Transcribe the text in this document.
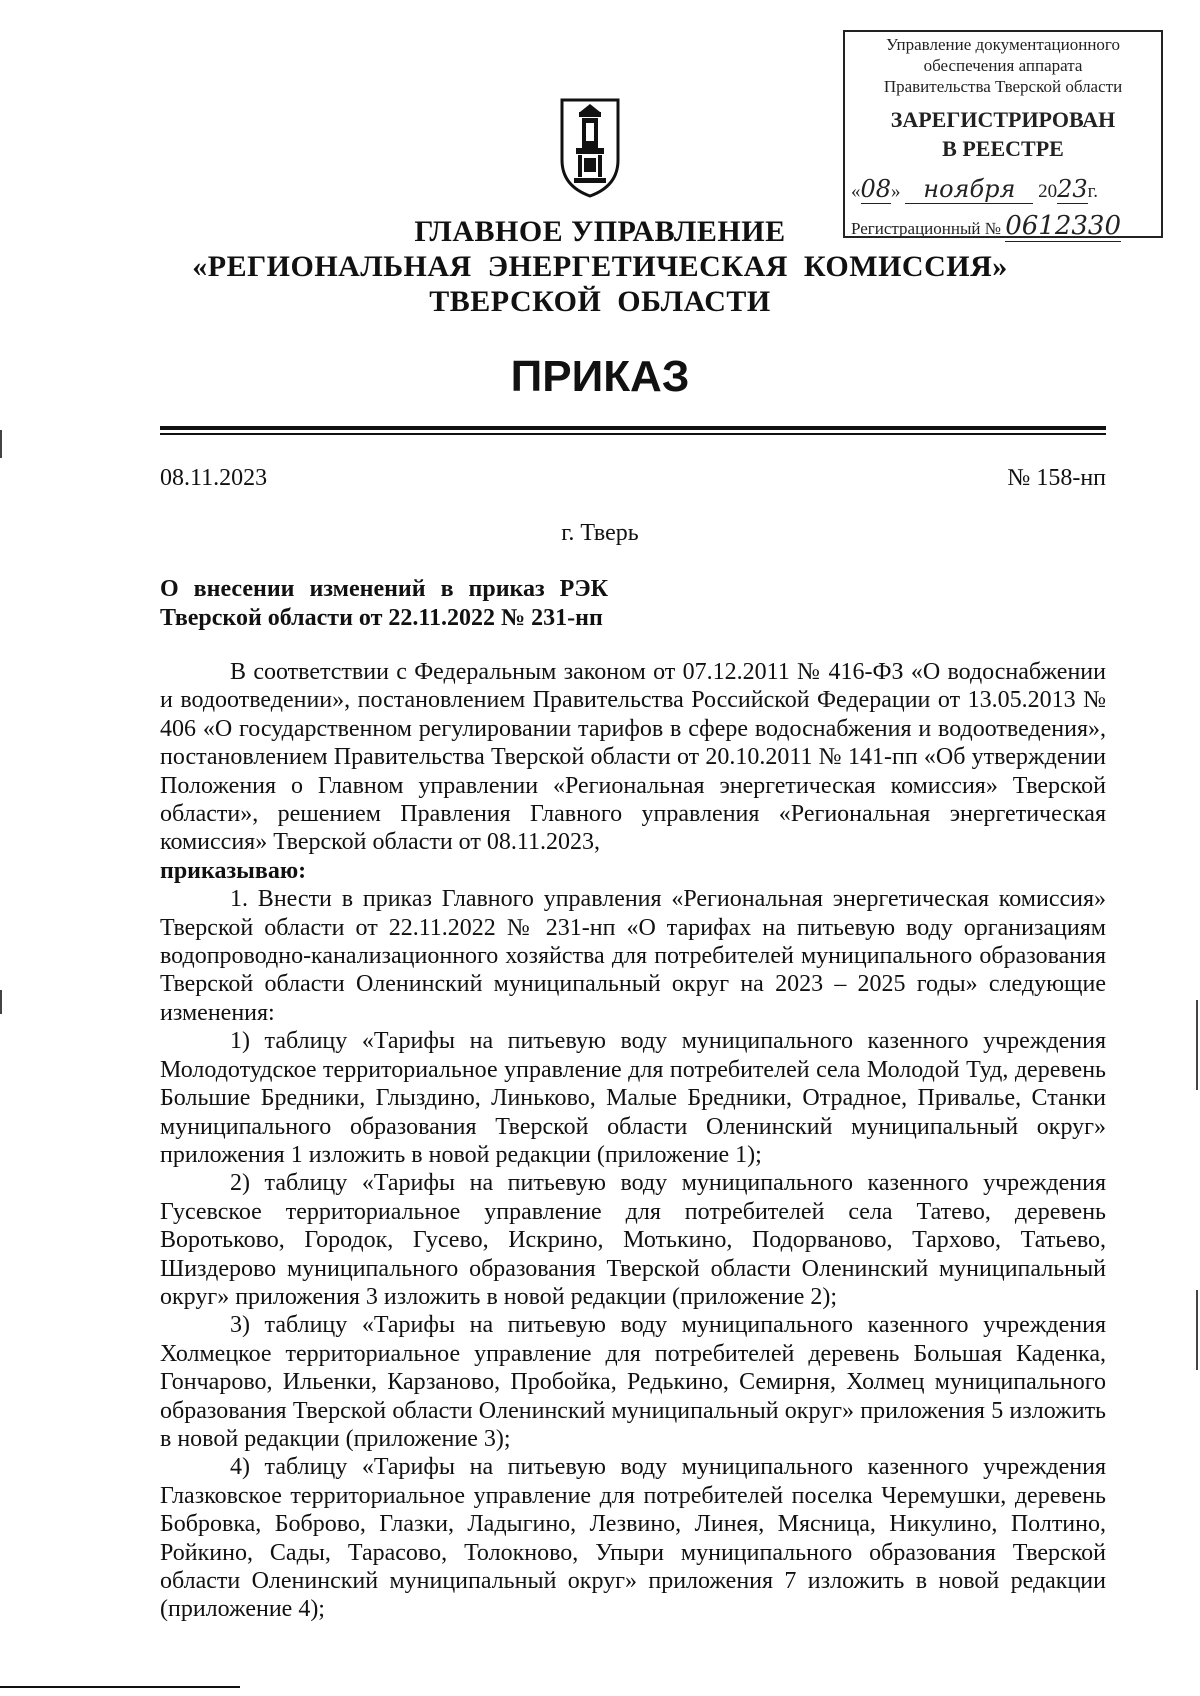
Управление документационного
обеспечения аппарата
Правительства Тверской области
ЗАРЕГИСТРИРОВАН
В РЕЕСТРЕ
«08» ноября 2023г.
Регистрационный № 0612330
ГЛАВНОЕ УПРАВЛЕНИЕ
«РЕГИОНАЛЬНАЯ  ЭНЕРГЕТИЧЕСКАЯ  КОМИССИЯ»
ТВЕРСКОЙ  ОБЛАСТИ
ПРИКАЗ
08.11.2023	№ 158-нп
г. Тверь
О внесении изменений в приказ РЭК
Тверской области от 22.11.2022 № 231-нп

В соответствии с Федеральным законом от 07.12.2011 № 416-ФЗ «О водоснабжении и водоотведении», постановлением Правительства Российской Федерации от 13.05.2013 № 406 «О государственном регулировании тарифов в сфере водоснабжения и водоотведения», постановлением Правительства Тверской области от 20.10.2011 № 141-пп «Об утверждении Положения о Главном управлении «Региональная энергетическая комиссия» Тверской области», решением Правления Главного управления «Региональная энергетическая комиссия» Тверской области от 08.11.2023,

приказываю:

1. Внести в приказ Главного управления «Региональная энергетическая комиссия» Тверской области от 22.11.2022 № 231-нп «О тарифах на питьевую воду организациям водопроводно-канализационного хозяйства для потребителей муниципального образования Тверской области Оленинский муниципальный округ на 2023 – 2025 годы» следующие изменения:

1) таблицу «Тарифы на питьевую воду муниципального казенного учреждения Молодотудское территориальное управление для потребителей села Молодой Туд, деревень Большие Бредники, Глыздино, Линьково, Малые Бредники, Отрадное, Привалье, Станки муниципального образования Тверской области Оленинский муниципальный округ» приложения 1 изложить в новой редакции (приложение 1);

2) таблицу «Тарифы на питьевую воду муниципального казенного учреждения Гусевское территориальное управление для потребителей села Татево, деревень Воротьково, Городок, Гусево, Искрино, Мотькино, Подорваново, Тархово, Татьево, Шиздерово муниципального образования Тверской области Оленинский муниципальный округ» приложения 3 изложить в новой редакции (приложение 2);

3) таблицу «Тарифы на питьевую воду муниципального казенного учреждения Холмецкое территориальное управление для потребителей деревень Большая Каденка, Гончарово, Ильенки, Карзаново, Пробойка, Редькино, Семирня, Холмец муниципального образования Тверской области Оленинский муниципальный округ» приложения 5 изложить в новой редакции (приложение 3);

4) таблицу «Тарифы на питьевую воду муниципального казенного учреждения Глазковское территориальное управление для потребителей поселка Черемушки, деревень Бобровка, Боброво, Глазки, Ладыгино, Лезвино, Линея, Мясница, Никулино, Полтино, Ройкино, Сады, Тарасово, Толокново, Упыри муниципального образования Тверской области Оленинский муниципальный округ» приложения 7 изложить в новой редакции (приложение 4);
